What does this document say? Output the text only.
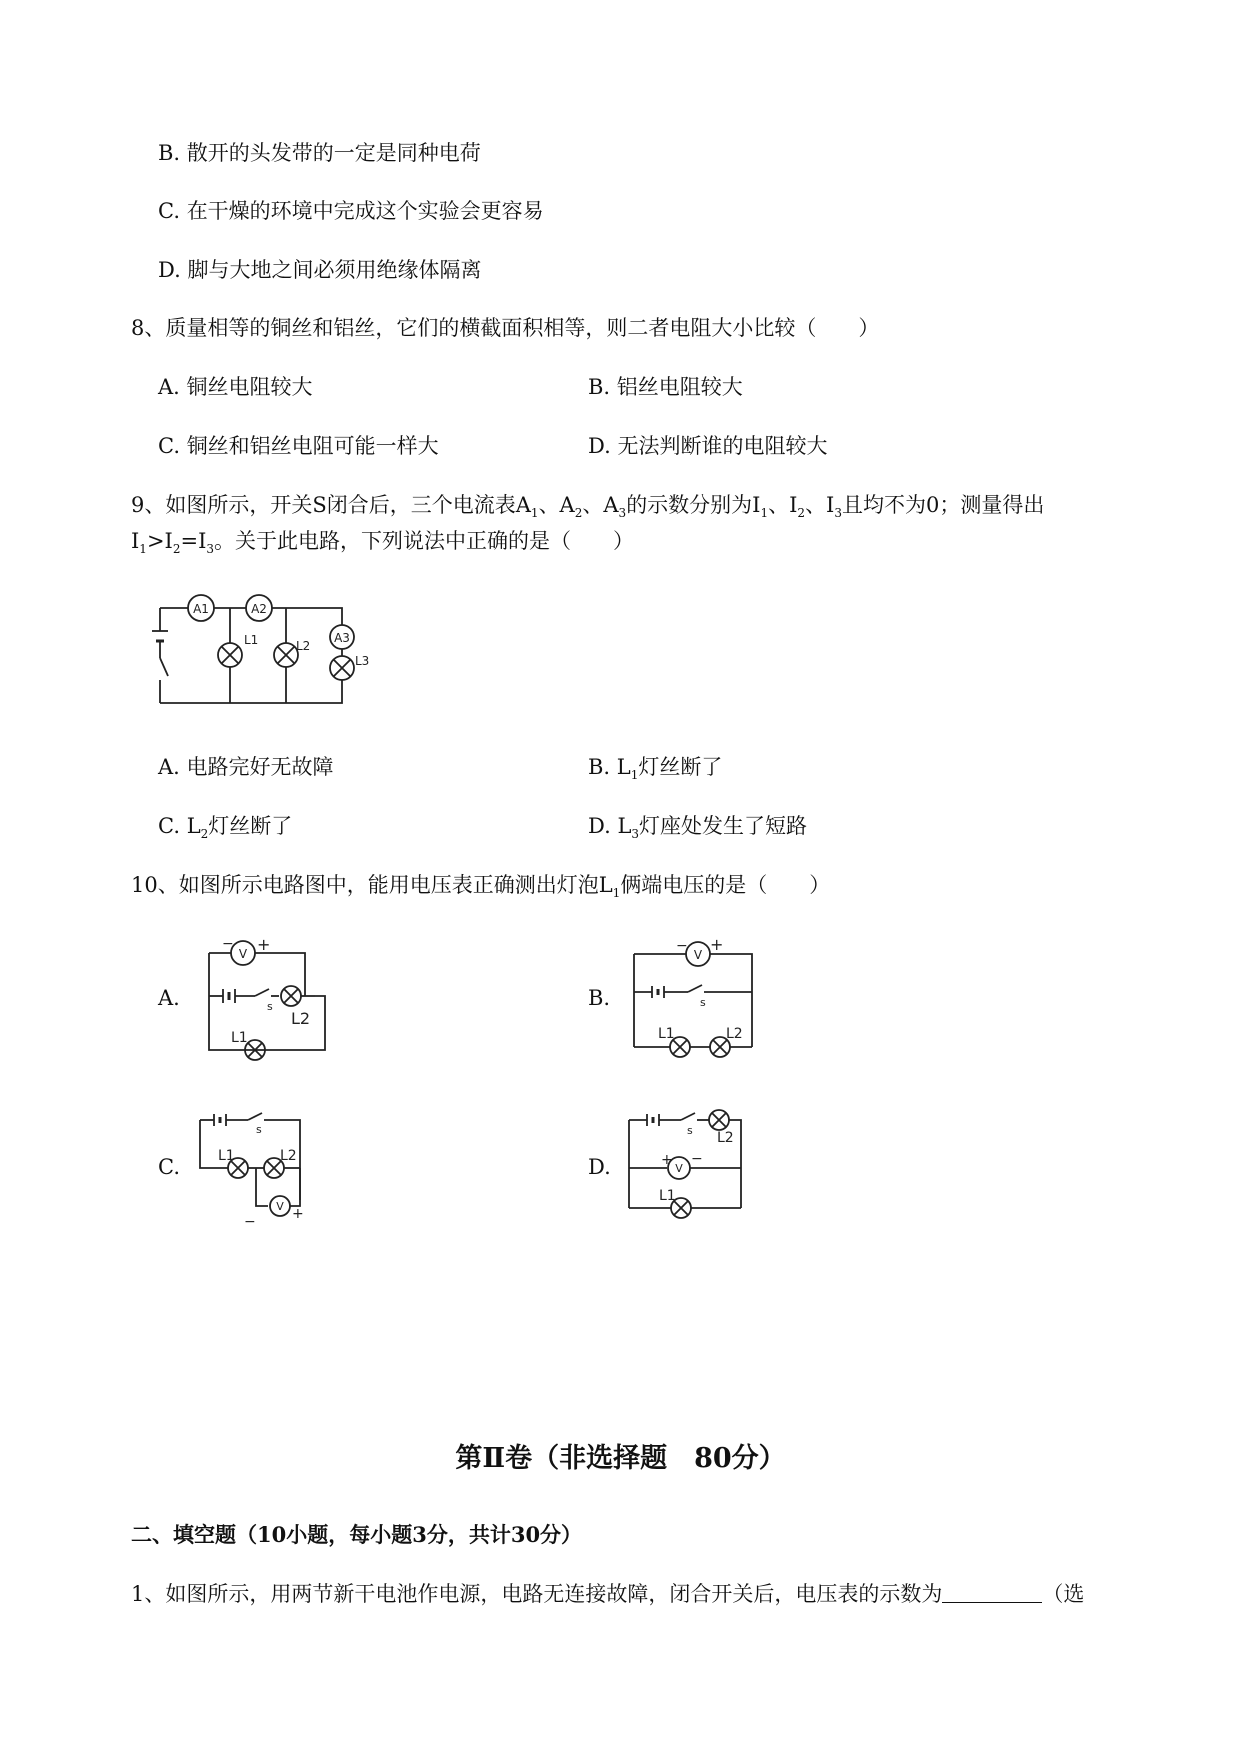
B. 散开的头发带的一定是同种电荷
C. 在干燥的环境中完成这个实验会更容易
D. 脚与大地之间必须用绝缘体隔离
8、质量相等的铜丝和铝丝，它们的横截面积相等，则二者电阻大小比较（　　）
A. 铜丝电阻较大	B. 铝丝电阻较大
C. 铜丝和铝丝电阻可能一样大	D. 无法判断谁的电阻较大
9、如图所示，开关S闭合后，三个电流表$A_1$、$A_2$、$A_3$的示数分别为$I_1$、$I_2$、$I_3$且均不为0；测量得出
$I_1>I_2=I_3$。关于此电路，下列说法中正确的是（　　）
A1	A2
L1	L2
A3
L3
A. 电路完好无故障	B. $L_1$灯丝断了
C. $L_2$灯丝断了	D. $L_3$灯座处发生了短路
10、如图所示电路图中，能用电压表正确测出灯泡$L_1$俩端电压的是（　　）
A.
V
− +
s
L2
L1
B.
V
− +
s
L1	L2
C.
s
L1	L2
V
−	+
D.
s L2
V
+ −
L1
第Ⅱ卷（非选择题　80分）
二、填空题（10小题，每小题3分，共计30分）
1、如图所示，用两节新干电池作电源，电路无连接故障，闭合开关后，电压表的示数为	（选
